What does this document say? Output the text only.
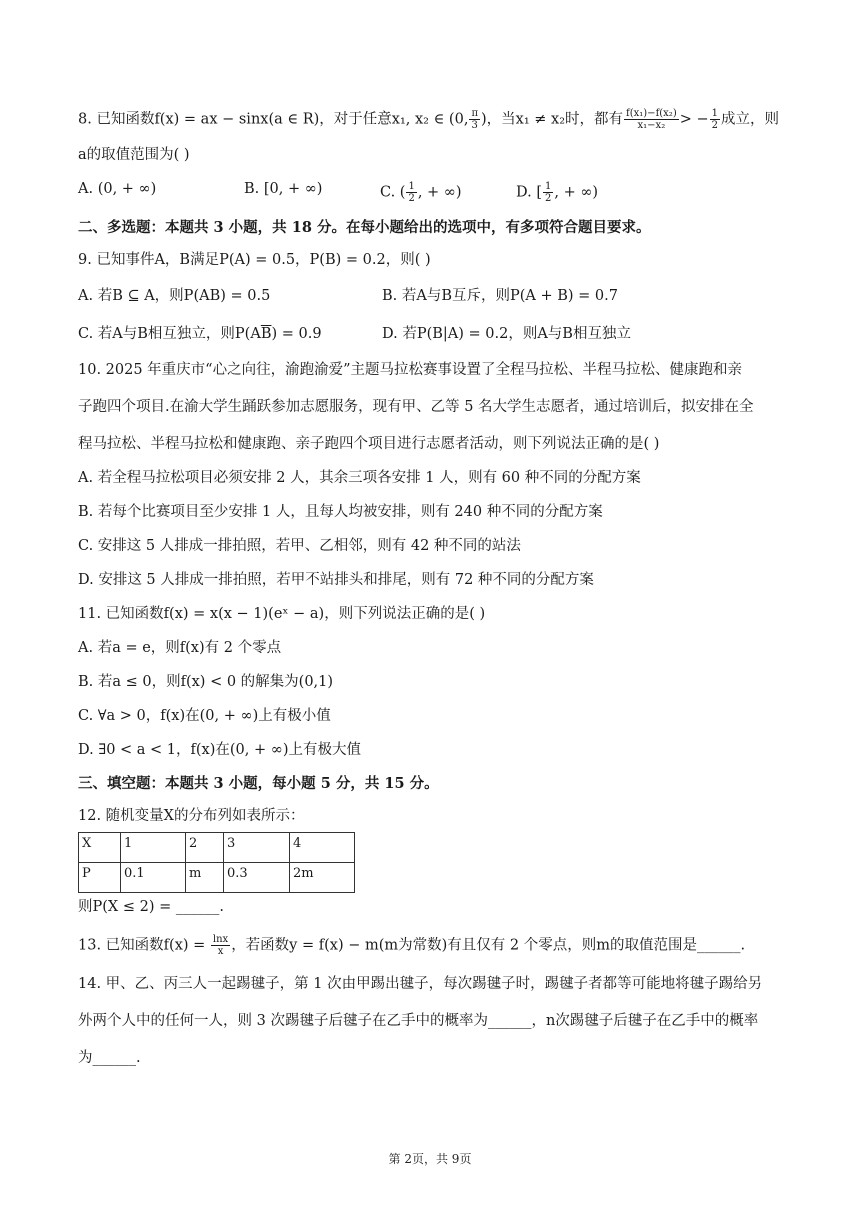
8. 已知函数f(x) = ax − sinx(a ∈ R)，对于任意x₁, x₂ ∈ (0, $\frac{\pi}{3}$ )，当x₁ ≠ x₂时，都有 $\frac{\text{f(x₁)−f(x₂)}}{\text{x₁−x₂}}$ > − $\frac{1}{2}$ 成立，则
a的取值范围为( )
A. (0, + ∞)	B. [0, + ∞)	C. ( $\frac{1}{2}$ , + ∞)	D. [ $\frac{1}{2}$ , + ∞)
二、多选题：本题共 3 小题，共 18 分。在每小题给出的选项中，有多项符合题目要求。
9. 已知事件A，B满足P(A) = 0.5，P(B) = 0.2，则( )
A. 若B ⊆ A，则P(AB) = 0.5	B. 若A与B互斥，则P(A + B) = 0.7
C. 若A与B相互独立，则$P(A\overline{B}) = 0.9$	D. 若P(B|A) = 0.2，则A与B相互独立
10. 2025 年重庆市“心之向往，渝跑渝爱”主题马拉松赛事设置了全程马拉松、半程马拉松、健康跑和亲
子跑四个项目.在渝大学生踊跃参加志愿服务，现有甲、乙等 5 名大学生志愿者，通过培训后，拟安排在全
程马拉松、半程马拉松和健康跑、亲子跑四个项目进行志愿者活动，则下列说法正确的是( )
A. 若全程马拉松项目必须安排 2 人，其余三项各安排 1 人，则有 60 种不同的分配方案
B. 若每个比赛项目至少安排 1 人，且每人均被安排，则有 240 种不同的分配方案
C. 安排这 5 人排成一排拍照，若甲、乙相邻，则有 42 种不同的站法
D. 安排这 5 人排成一排拍照，若甲不站排头和排尾，则有 72 种不同的分配方案
11. 已知函数f(x) = x(x − 1)(eˣ − a)，则下列说法正确的是( )
A. 若a = e，则f(x)有 2 个零点
B. 若a ≤ 0，则f(x) < 0 的解集为(0,1)
C. ∀a > 0，f(x)在(0, + ∞)上有极小值
D. ∃0 < a < 1，f(x)在(0, + ∞)上有极大值
三、填空题：本题共 3 小题，每小题 5 分，共 15 分。
12. 随机变量X的分布列如表所示：
X	1	2	3	4
P	0.1	m	0.3	2m
则P(X ≤ 2) = ______.
13. 已知函数$f(x) = \frac{\ln x}{x}$ ，若函数y = f(x) − m(m为常数)有且仅有 2 个零点，则m的取值范围是______.
14. 甲、乙、丙三人一起踢毽子，第 1 次由甲踢出毽子，每次踢毽子时，踢毽子者都等可能地将毽子踢给另
外两个人中的任何一人，则 3 次踢毽子后毽子在乙手中的概率为______，n次踢毽子后毽子在乙手中的概率
为______.
第 2页，共 9页
